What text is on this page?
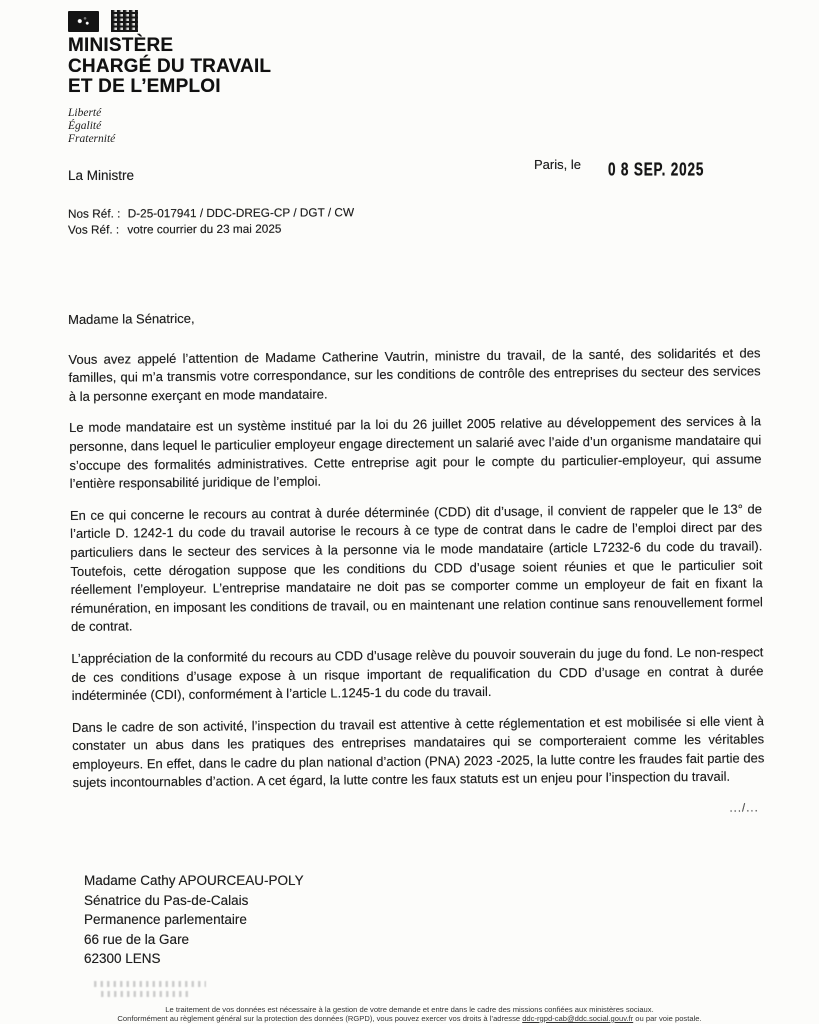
MINISTÈRE
CHARGÉ DU TRAVAIL
ET DE L’EMPLOI
Liberté
Égalité
Fraternité
La Ministre
Paris, le 0 8 SEP. 2025
Nos Réf. : D-25-017941 / DDC-DREG-CP / DGT / CW
Vos Réf. : votre courrier du 23 mai 2025
Madame la Sénatrice,

Vous avez appelé l’attention de Madame Catherine Vautrin, ministre du travail, de la santé, des solidarités et des familles, qui m’a transmis votre correspondance, sur les conditions de contrôle des entreprises du secteur des services à la personne exerçant en mode mandataire.

Le mode mandataire est un système institué par la loi du 26 juillet 2005 relative au développement des services à la personne, dans lequel le particulier employeur engage directement un salarié avec l’aide d’un organisme mandataire qui s’occupe des formalités administratives. Cette entreprise agit pour le compte du particulier-employeur, qui assume l’entière responsabilité juridique de l’emploi.

En ce qui concerne le recours au contrat à durée déterminée (CDD) dit d’usage, il convient de rappeler que le 13° de l’article D. 1242-1 du code du travail autorise le recours à ce type de contrat dans le cadre de l’emploi direct par des particuliers dans le secteur des services à la personne via le mode mandataire (article L7232-6 du code du travail). Toutefois, cette dérogation suppose que les conditions du CDD d’usage soient réunies et que le particulier soit réellement l’employeur. L’entreprise mandataire ne doit pas se comporter comme un employeur de fait en fixant la rémunération, en imposant les conditions de travail, ou en maintenant une relation continue sans renouvellement formel de contrat.

L’appréciation de la conformité du recours au CDD d’usage relève du pouvoir souverain du juge du fond. Le non-respect de ces conditions d’usage expose à un risque important de requalification du CDD d’usage en contrat à durée indéterminée (CDI), conformément à l’article L.1245-1 du code du travail.

Dans le cadre de son activité, l’inspection du travail est attentive à cette réglementation et est mobilisée si elle vient à constater un abus dans les pratiques des entreprises mandataires qui se comporteraient comme les véritables employeurs. En effet, dans le cadre du plan national d’action (PNA) 2023 -2025, la lutte contre les fraudes fait partie des sujets incontournables d’action. A cet égard, la lutte contre les faux statuts est un enjeu pour l’inspection du travail.

.../...
Madame Cathy APOURCEAU-POLY
Sénatrice du Pas-de-Calais
Permanence parlementaire
66 rue de la Gare
62300 LENS
Le traitement de vos données est nécessaire à la gestion de votre demande et entre dans le cadre des missions confiées aux ministères sociaux.
Conformément au règlement général sur la protection des données (RGPD), vous pouvez exercer vos droits à l’adresse ddc-rgpd-cab@ddc.social.gouv.fr ou par voie postale.
